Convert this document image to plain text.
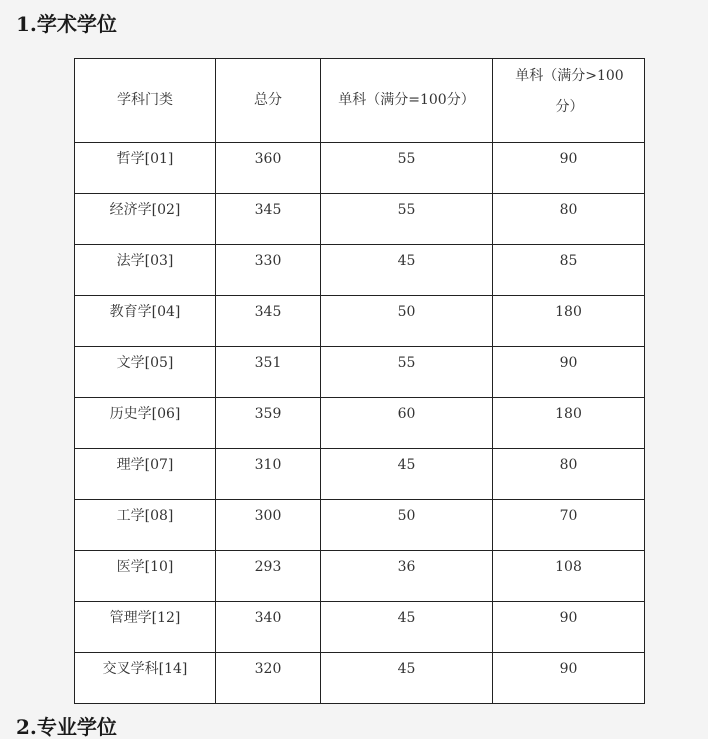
1.学术学位
学科门类	总分	单科（满分=100分）	单科（满分>100分）
哲学[01]	360	55	90
经济学[02]	345	55	80
法学[03]	330	45	85
教育学[04]	345	50	180
文学[05]	351	55	90
历史学[06]	359	60	180
理学[07]	310	45	80
工学[08]	300	50	70
医学[10]	293	36	108
管理学[12]	340	45	90
交叉学科[14]	320	45	90
2.专业学位
